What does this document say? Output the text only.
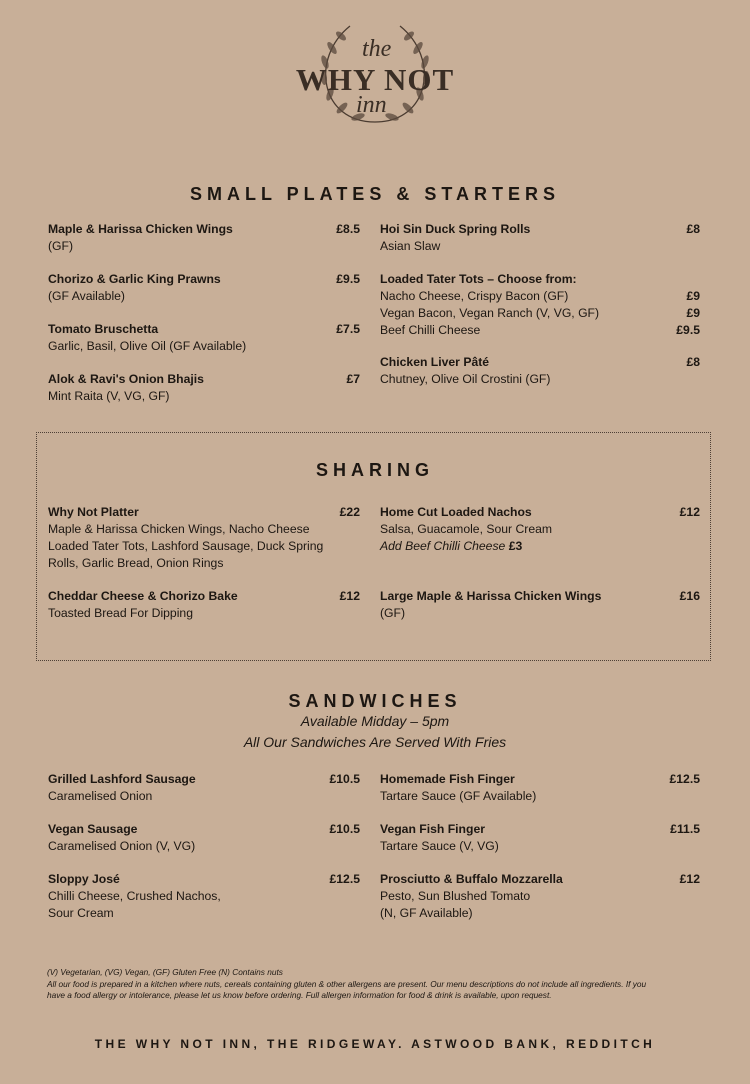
the
WHY NOT
inn
SMALL PLATES & STARTERS
Maple & Harissa Chicken Wings	£8.5
(GF)
Chorizo & Garlic King Prawns	£9.5
(GF Available)
Tomato Bruschetta	£7.5
Garlic, Basil, Olive Oil (GF Available)
Alok & Ravi's Onion Bhajis	£7
Mint Raita (V, VG, GF)
Hoi Sin Duck Spring Rolls	£8
Asian Slaw
Loaded Tater Tots – Choose from:
Nacho Cheese, Crispy Bacon (GF)	£9
Vegan Bacon, Vegan Ranch (V, VG, GF)	£9
Beef Chilli Cheese	£9.5
Chicken Liver Pâté	£8
Chutney, Olive Oil Crostini (GF)
SHARING
Why Not Platter	£22
Maple & Harissa Chicken Wings, Nacho Cheese
Loaded Tater Tots, Lashford Sausage, Duck Spring
Rolls, Garlic Bread, Onion Rings
Cheddar Cheese & Chorizo Bake	£12
Toasted Bread For Dipping
Home Cut Loaded Nachos	£12
Salsa, Guacamole, Sour Cream
Add Beef Chilli Cheese £3
Large Maple & Harissa Chicken Wings	£16
(GF)
SANDWICHES
Available Midday – 5pm
All Our Sandwiches Are Served With Fries
Grilled Lashford Sausage	£10.5
Caramelised Onion
Vegan Sausage	£10.5
Caramelised Onion (V, VG)
Sloppy José	£12.5
Chilli Cheese, Crushed Nachos,
Sour Cream
Homemade Fish Finger	£12.5
Tartare Sauce (GF Available)
Vegan Fish Finger	£11.5
Tartare Sauce (V, VG)
Prosciutto & Buffalo Mozzarella	£12
Pesto, Sun Blushed Tomato
(N, GF Available)
(V) Vegetarian, (VG) Vegan, (GF) Gluten Free (N) Contains nuts
All our food is prepared in a kitchen where nuts, cereals containing gluten & other allergens are present. Our menu descriptions do not include all ingredients. If you
have a food allergy or intolerance, please let us know before ordering. Full allergen information for food & drink is available, upon request.
THE WHY NOT INN, THE RIDGEWAY. ASTWOOD BANK, REDDITCH
